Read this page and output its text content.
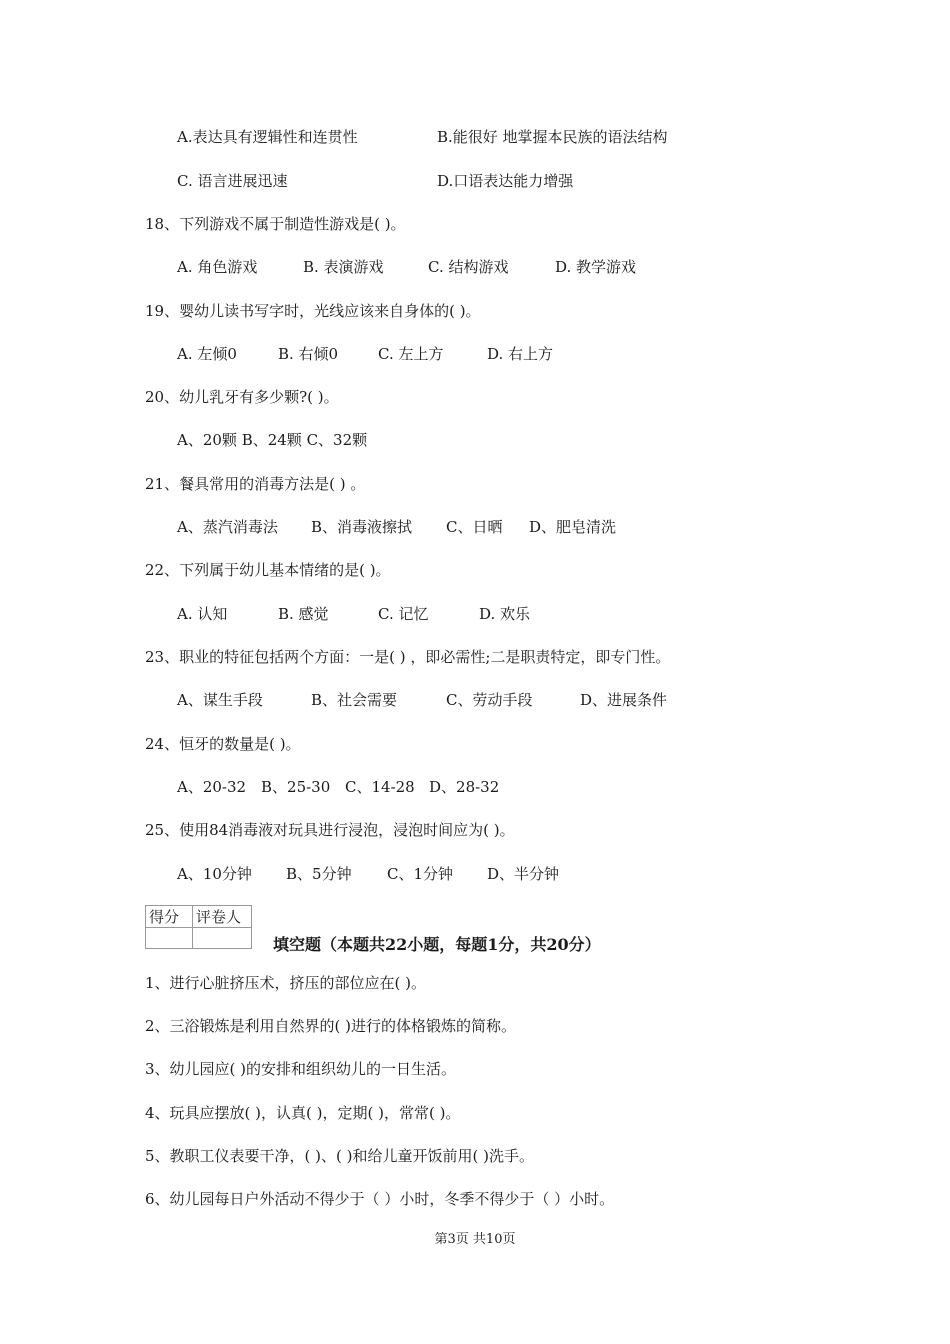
A.表达具有逻辑性和连贯性	B.能很好 地掌握本民族的语法结构
C. 语言进展迅速	D.口语表达能力增强
18、下列游戏不属于制造性游戏是( )。
A. 角色游戏	B. 表演游戏	C. 结构游戏	D. 教学游戏
19、婴幼儿读书写字时，光线应该来自身体的( )。
A. 左倾0	B. 右倾0	C. 左上方	D. 右上方
20、幼儿乳牙有多少颗?( )。
A、20颗 B、24颗 C、32颗
21、餐具常用的消毒方法是( ) 。
A、蒸汽消毒法 B、消毒液擦拭 C、日晒 D、肥皂清洗
22、下列属于幼儿基本情绪的是( )。
A. 认知	B. 感觉	C. 记忆	D. 欢乐
23、职业的特征包括两个方面：一是( ) ，即必需性;二是职责特定，即专门性。
A、谋生手段	B、社会需要	C、劳动手段	D、进展条件
24、恒牙的数量是( )。
A、20-32 B、25-30 C、14-28 D、28-32
25、使用84消毒液对玩具进行浸泡，浸泡时间应为( )。
A、10分钟 B、5分钟 C、1分钟 D、半分钟
得分	评卷人

填空题（本题共22小题，每题1分，共20分）
1、进行心脏挤压术，挤压的部位应在( )。
2、三浴锻炼是利用自然界的( )进行的体格锻炼的简称。
3、幼儿园应( )的安排和组织幼儿的一日生活。
4、玩具应摆放( )，认真( )，定期( )，常常( )。
5、教职工仪表要干净，( )、( )和给儿童开饭前用( )洗手。
6、幼儿园每日户外活动不得少于（ ）小时，冬季不得少于（ ）小时。
第3页 共10页
